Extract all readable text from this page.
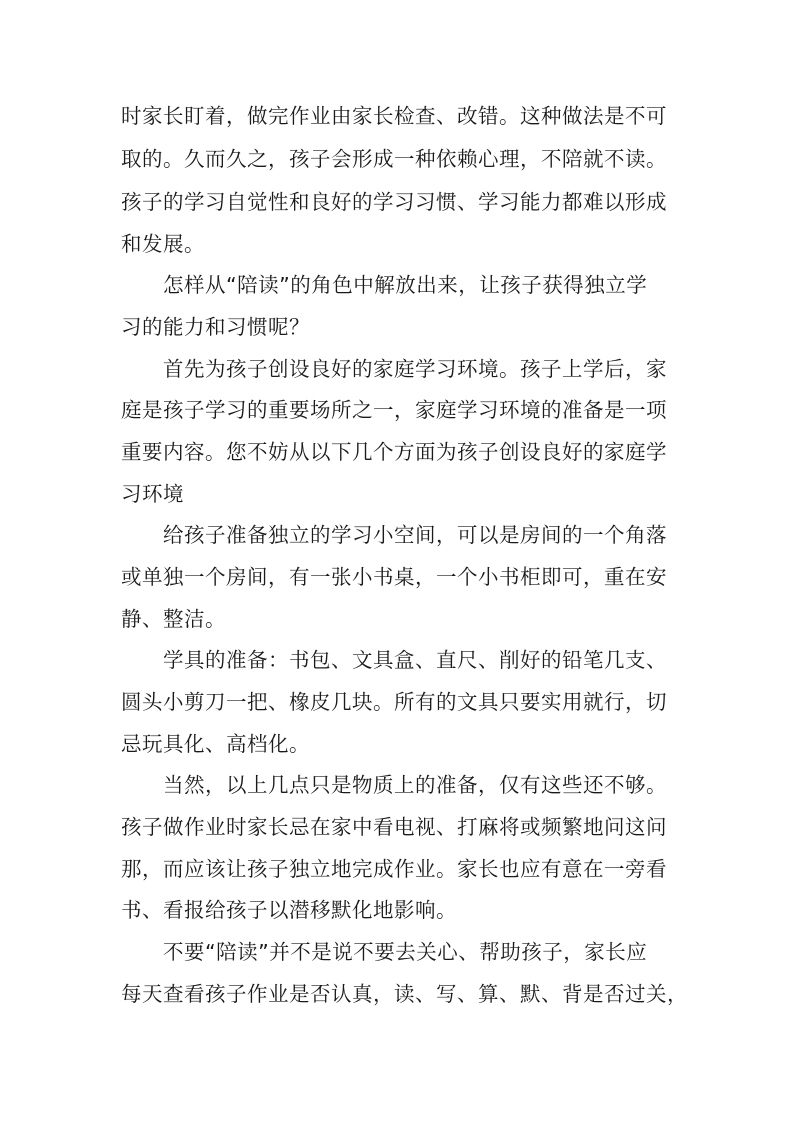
时家长盯着，做完作业由家长检查、改错。这种做法是不可
取的。久而久之，孩子会形成一种依赖心理，不陪就不读。
孩子的学习自觉性和良好的学习习惯、学习能力都难以形成
和发展。
怎样从“陪读”的角色中解放出来，让孩子获得独立学
习的能力和习惯呢？
首先为孩子创设良好的家庭学习环境。孩子上学后，家
庭是孩子学习的重要场所之一，家庭学习环境的准备是一项
重要内容。您不妨从以下几个方面为孩子创设良好的家庭学
习环境
给孩子准备独立的学习小空间，可以是房间的一个角落
或单独一个房间，有一张小书桌，一个小书柜即可，重在安
静、整洁。
学具的准备：书包、文具盒、直尺、削好的铅笔几支、
圆头小剪刀一把、橡皮几块。所有的文具只要实用就行，切
忌玩具化、高档化。
当然，以上几点只是物质上的准备，仅有这些还不够。
孩子做作业时家长忌在家中看电视、打麻将或频繁地问这问
那，而应该让孩子独立地完成作业。家长也应有意在一旁看
书、看报给孩子以潜移默化地影响。
不要“陪读”并不是说不要去关心、帮助孩子，家长应
每天查看孩子作业是否认真，读、写、算、默、背是否过关，
